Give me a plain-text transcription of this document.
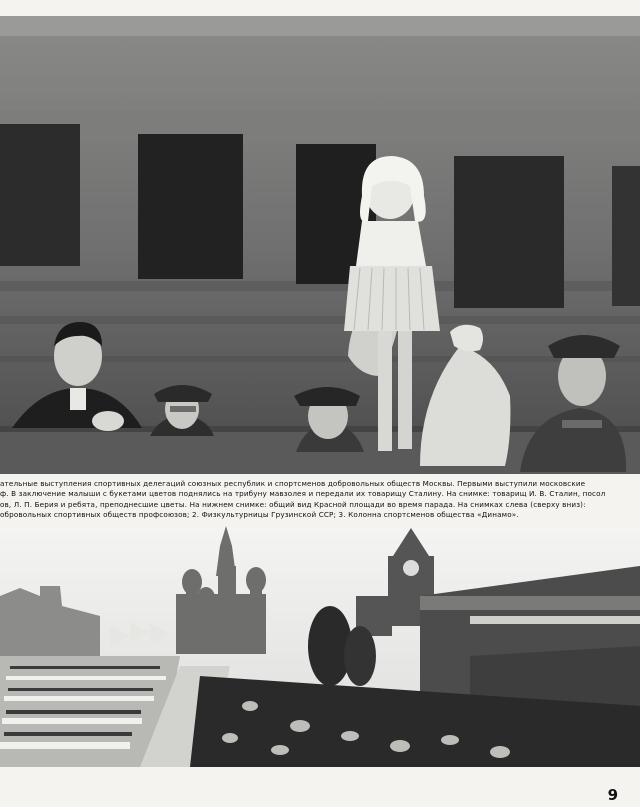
ательные выступления спортивных делегаций союзных республик и спортсменов добровольных обществ Москвы. Первыми выступили московские
ф. В заключение малыши с букетами цветов поднялись на трибуну мавзолея и передали их товарищу Сталину. На снимке: товарищ И. В. Сталин, посол
ов, Л. П. Берия и ребята, преподнесшие цветы. На нижнем снимке: общий вид Красной площади во время парада. На снимках слева (сверху вниз):
обровольных спортивных обществ профсоюзов; 2. Физкультурницы Грузинской ССР; 3. Колонна спортсменов общества «Динамо».
9
